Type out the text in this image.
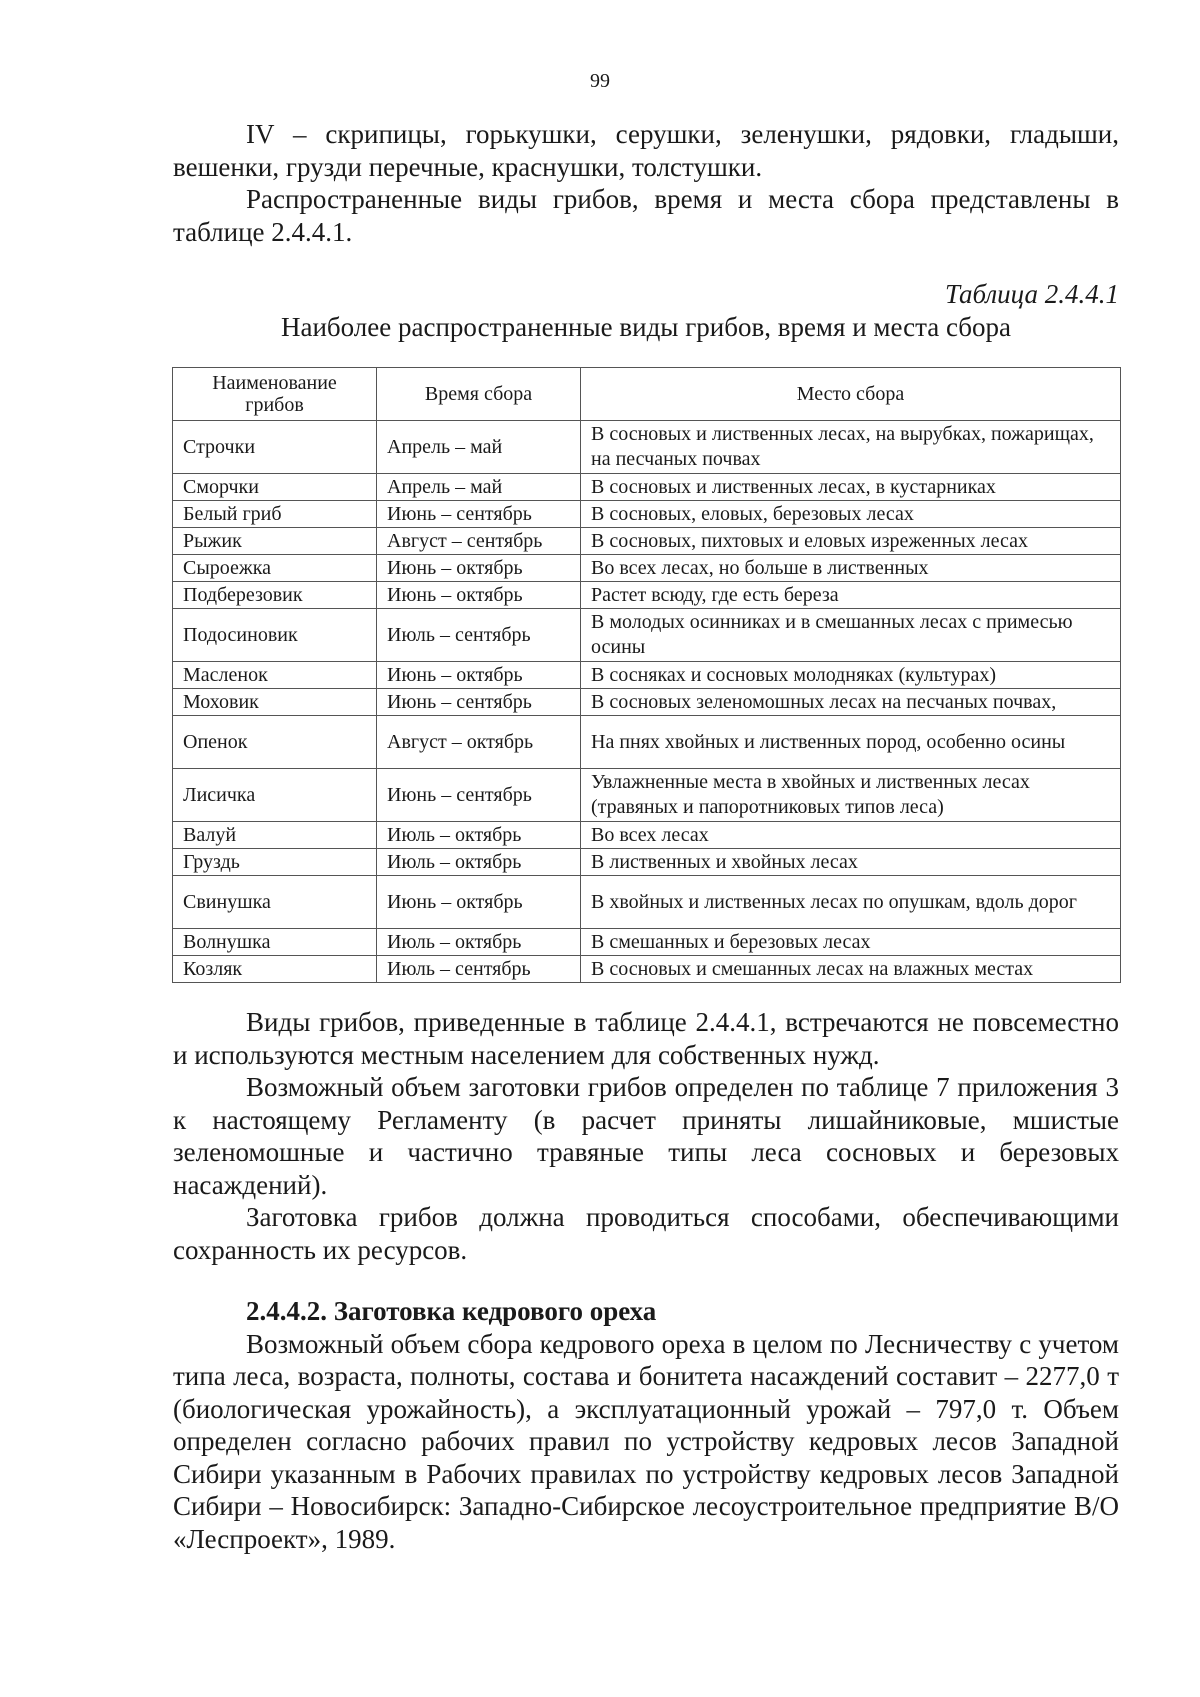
99

IV – скрипицы, горькушки, серушки, зеленушки, рядовки, гладыши, вешенки, грузди перечные, краснушки, толстушки.

Распространенные виды грибов, время и места сбора представлены в таблице 2.4.4.1.

Таблица 2.4.4.1
Наиболее распространенные виды грибов, время и места сбора
Наименование грибов	Время сбора	Место сбора
Строчки	Апрель – май	В сосновых и лиственных лесах, на вырубках, пожарищах, на песчаных почвах
Сморчки	Апрель – май	В сосновых и лиственных лесах, в кустарниках
Белый гриб	Июнь – сентябрь	В сосновых, еловых, березовых лесах
Рыжик	Август – сентябрь	В сосновых, пихтовых и еловых изреженных лесах
Сыроежка	Июнь – октябрь	Во всех лесах, но больше в лиственных
Подберезовик	Июнь – октябрь	Растет всюду, где есть береза
Подосиновик	Июль – сентябрь	В молодых осинниках и в смешанных лесах с примесью осины
Масленок	Июнь – октябрь	В сосняках и сосновых молодняках (культурах)
Моховик	Июнь – сентябрь	В сосновых зеленомошных лесах на песчаных почвах,
Опенок	Август – октябрь	На пнях хвойных и лиственных пород, особенно осины
Лисичка	Июнь – сентябрь	Увлажненные места в хвойных и лиственных лесах (травяных и папоротниковых типов леса)
Валуй	Июль – октябрь	Во всех лесах
Груздь	Июль – октябрь	В лиственных и хвойных лесах
Свинушка	Июнь – октябрь	В хвойных и лиственных лесах по опушкам, вдоль дорог
Волнушка	Июль – октябрь	В смешанных и березовых лесах
Козляк	Июль – сентябрь	В сосновых и смешанных лесах на влажных местах

Виды грибов, приведенные в таблице 2.4.4.1, встречаются не повсеместно и используются местным населением для собственных нужд.

Возможный объем заготовки грибов определен по таблице 7 приложения 3 к настоящему Регламенту (в расчет приняты лишайниковые, мшистые зеленомошные и частично травяные типы леса сосновых и березовых насаждений).

Заготовка грибов должна проводиться способами, обеспечивающими сохранность их ресурсов.

2.4.4.2. Заготовка кедрового ореха

Возможный объем сбора кедрового ореха в целом по Лесничеству с учетом типа леса, возраста, полноты, состава и бонитета насаждений составит – 2277,0 т (биологическая урожайность), а эксплуатационный урожай – 797,0 т. Объем определен согласно рабочих правил по устройству кедровых лесов Западной Сибири указанным в Рабочих правилах по устройству кедровых лесов Западной Сибири – Новосибирск: Западно-Сибирское лесоустроительное предприятие В/О «Леспроект», 1989.
